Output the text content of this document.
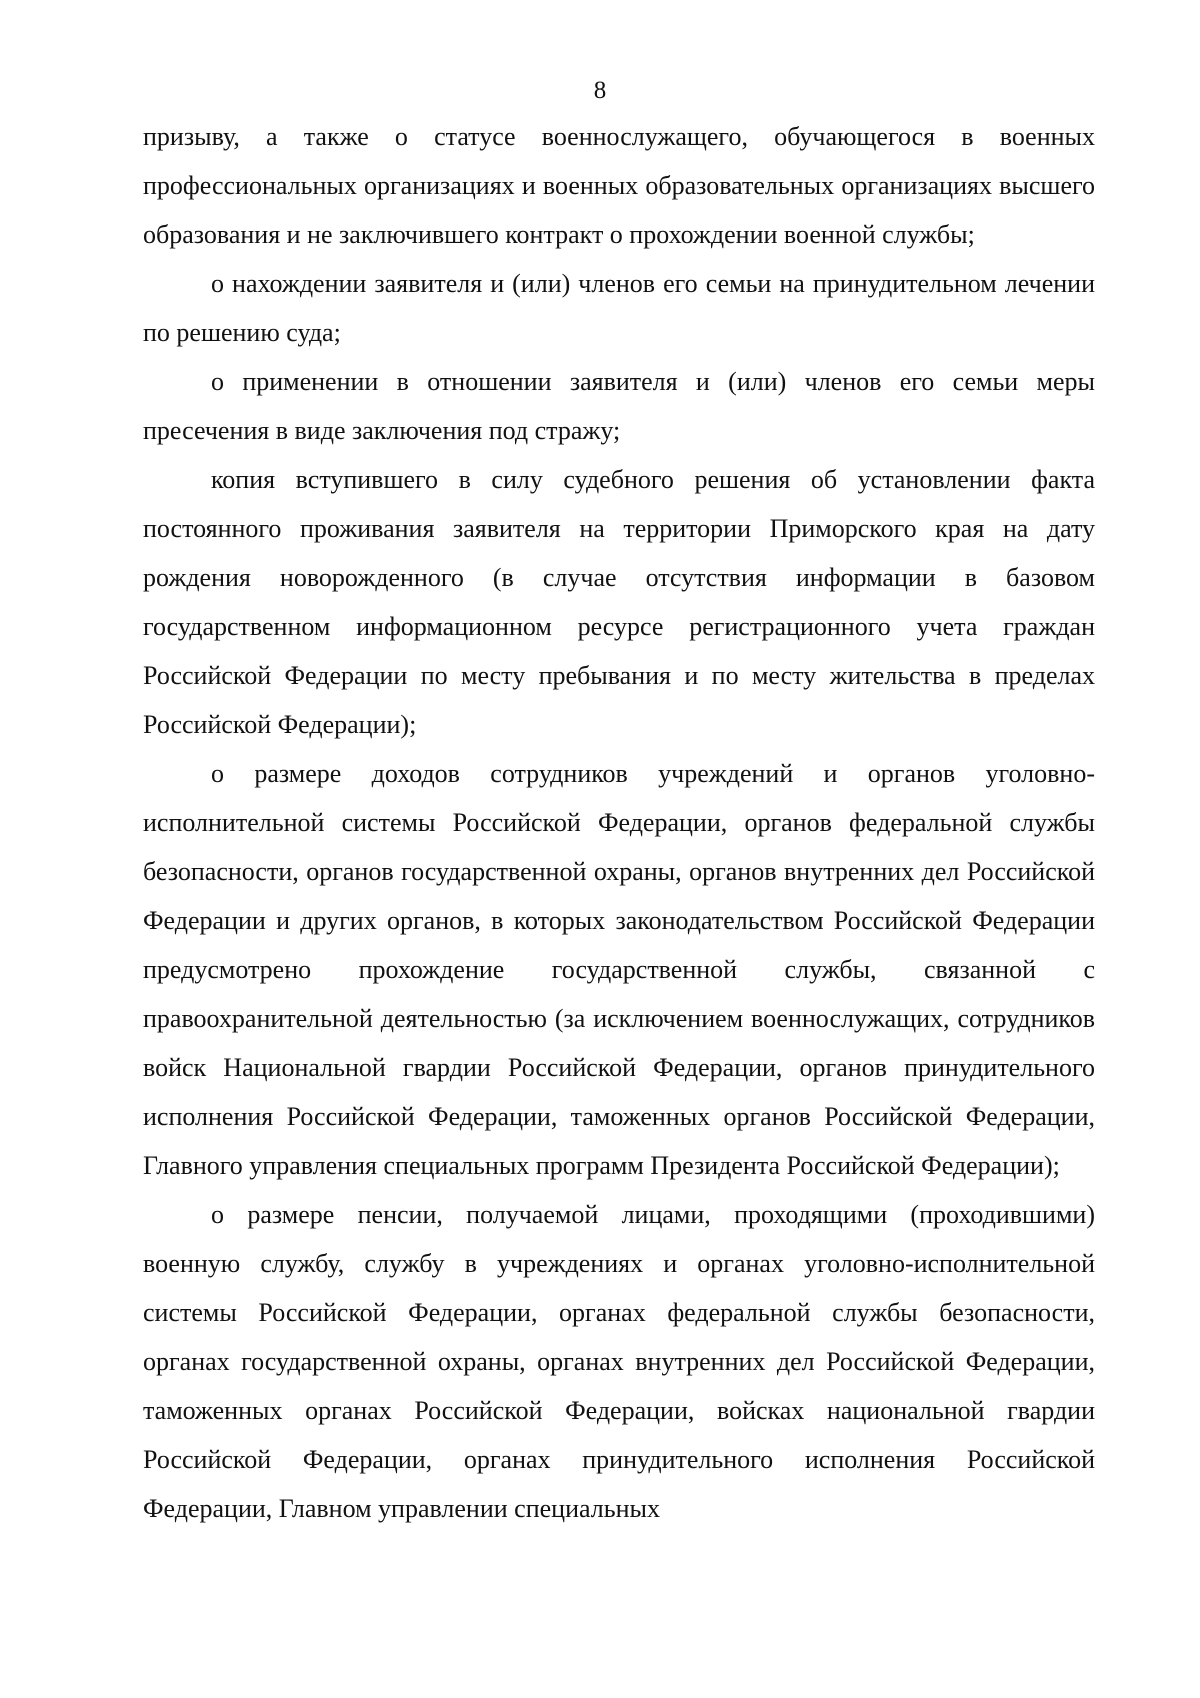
8

призыву, а также о статусе военнослужащего, обучающегося в военных профессиональных организациях и военных образовательных организациях высшего образования и не заключившего контракт о прохождении военной службы;

о нахождении заявителя и (или) членов его семьи на принудительном лечении по решению суда;

о применении в отношении заявителя и (или) членов его семьи меры пресечения в виде заключения под стражу;

копия вступившего в силу судебного решения об установлении факта постоянного проживания заявителя на территории Приморского края на дату рождения новорожденного (в случае отсутствия информации в базовом государственном информационном ресурсе регистрационного учета граждан Российской Федерации по месту пребывания и по месту жительства в пределах Российской Федерации);

о размере доходов сотрудников учреждений и органов уголовно-исполнительной системы Российской Федерации, органов федеральной службы безопасности, органов государственной охраны, органов внутренних дел Российской Федерации и других органов, в которых законодательством Российской Федерации предусмотрено прохождение государственной службы, связанной с правоохранительной деятельностью (за исключением военнослужащих, сотрудников войск Национальной гвардии Российской Федерации, органов принудительного исполнения Российской Федерации, таможенных органов Российской Федерации, Главного управления специальных программ Президента Российской Федерации);

о размере пенсии, получаемой лицами, проходящими (проходившими) военную службу, службу в учреждениях и органах уголовно-исполнительной системы Российской Федерации, органах федеральной службы безопасности, органах государственной охраны, органах внутренних дел Российской Федерации, таможенных органах Российской Федерации, войсках национальной гвардии Российской Федерации, органах принудительного исполнения Российской Федерации, Главном управлении специальных
